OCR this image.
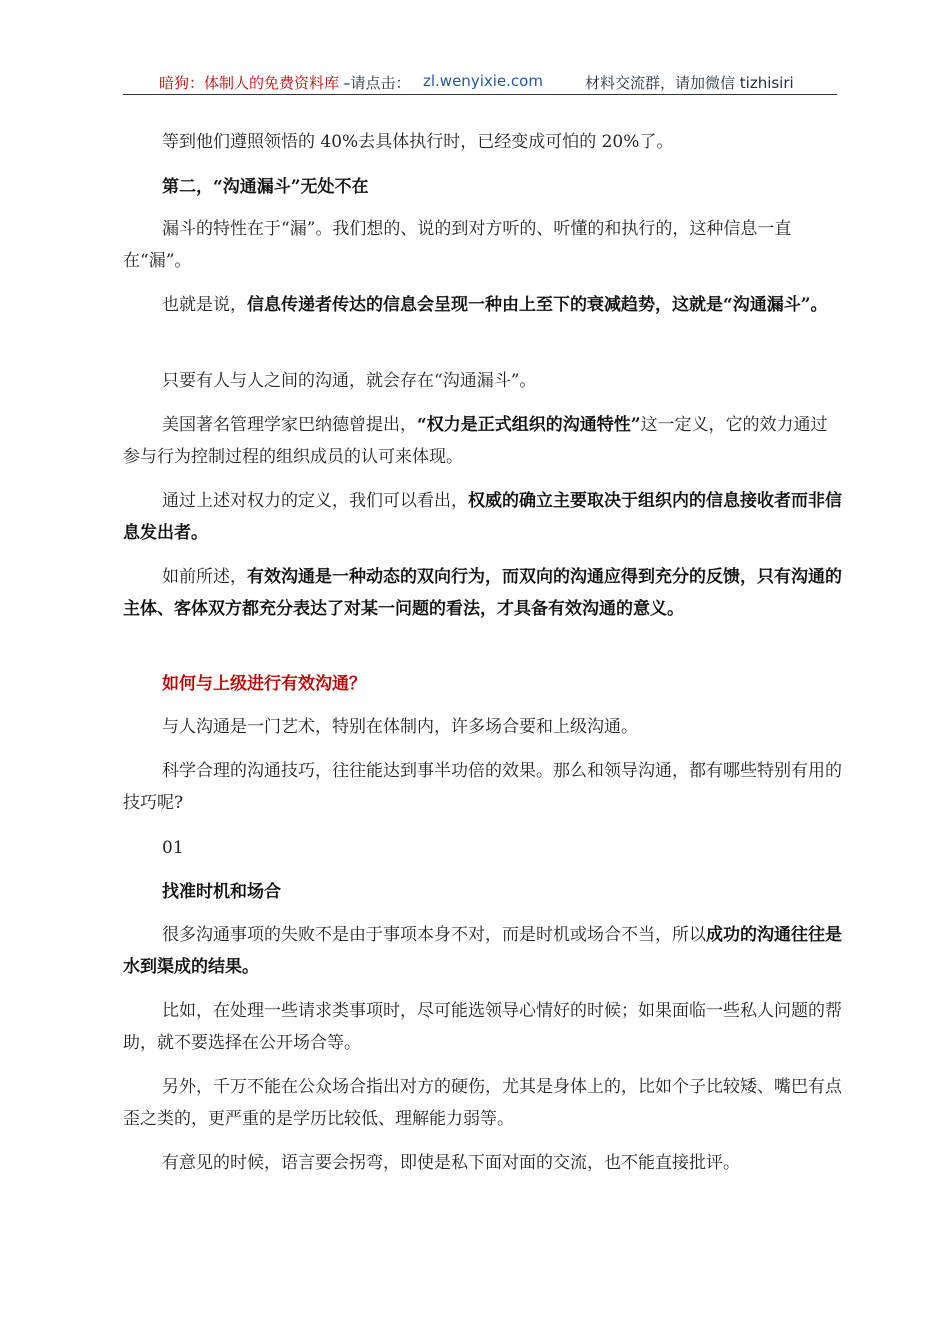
暗狗：体制人的免费资料库 –请点击： zl.wenyixie.com	材料交流群，请加微信 tizhisiri

等到他们遵照领悟的 40%去具体执行时，已经变成可怕的 20%了。

第二，“沟通漏斗”无处不在

漏斗的特性在于“漏”。我们想的、说的到对方听的、听懂的和执行的，这种信息一直在“漏”。

也就是说，信息传递者传达的信息会呈现一种由上至下的衰减趋势，这就是“沟通漏斗”。

只要有人与人之间的沟通，就会存在“沟通漏斗”。

美国著名管理学家巴纳德曾提出，“权力是正式组织的沟通特性”这一定义，它的效力通过参与行为控制过程的组织成员的认可来体现。

通过上述对权力的定义，我们可以看出，权威的确立主要取决于组织内的信息接收者而非信息发出者。

如前所述，有效沟通是一种动态的双向行为，而双向的沟通应得到充分的反馈，只有沟通的主体、客体双方都充分表达了对某一问题的看法，才具备有效沟通的意义。

如何与上级进行有效沟通？

与人沟通是一门艺术，特别在体制内，许多场合要和上级沟通。

科学合理的沟通技巧，往往能达到事半功倍的效果。那么和领导沟通，都有哪些特别有用的技巧呢?

01

找准时机和场合

很多沟通事项的失败不是由于事项本身不对，而是时机或场合不当，所以成功的沟通往往是水到渠成的结果。

比如，在处理一些请求类事项时，尽可能选领导心情好的时候；如果面临一些私人问题的帮助，就不要选择在公开场合等。

另外，千万不能在公众场合指出对方的硬伤，尤其是身体上的，比如个子比较矮、嘴巴有点歪之类的，更严重的是学历比较低、理解能力弱等。

有意见的时候，语言要会拐弯，即使是私下面对面的交流，也不能直接批评。
